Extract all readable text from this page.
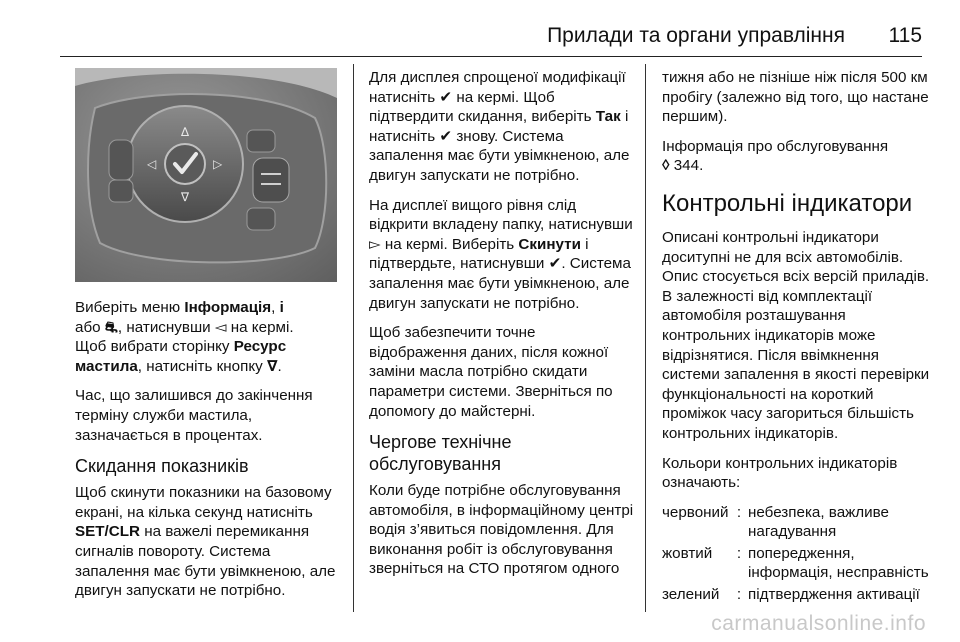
Прилади та органи управління 115
∆
∇
◁	▷

Виберіть меню Інформація, i
або ⛐, натиснувши ◅ на кермі.
Щоб вибрати сторінку Ресурс
мастила, натисніть кнопку ∇.

Час, що залишився до закінчення терміну служби мастила, зазначається в процентах.

Скидання показників

Щоб скинути показники на базовому екрані, на кілька секунд натисніть SET/CLR на важелі перемикання сигналів повороту. Система запалення має бути увімкненою, але двигун запускати не потрібно.

Для дисплея спрощеної модифікації натисніть ✔ на кермі. Щоб підтвердити скидання, виберіть Так і натисніть ✔ знову. Система запалення має бути увімкненою, але двигун запускати не потрібно.

На дисплеї вищого рівня слід відкрити вкладену папку, натиснувши ▻ на кермі. Виберіть Скинути і підтвердьте, натиснувши ✔. Система запалення має бути увімкненою, але двигун запускати не потрібно.

Щоб забезпечити точне відображення даних, після кожної заміни масла потрібно скидати параметри системи. Зверніться по допомогу до майстерні.

Чергове технічне обслуговування

Коли буде потрібне обслуговування автомобіля, в інформаційному центрі водія з’явиться повідомлення. Для виконання робіт із обслуговування зверніться на СТО протягом одного

тижня або не пізніше ніж після 500 км пробігу (залежно від того, що настане першим).

Інформація про обслуговування
◊ 344.

Контрольні індикатори

Описані контрольні індикатори доситупні не для всіх автомобілів. Опис стосується всіх версій приладів. В залежності від комплектації автомобіля розташування контрольних індикаторів може відрізнятися. Після ввімкнення системи запалення в якості перевірки функціональності на короткий проміжок часу загориться більшість контрольних індикаторів.

Кольори контрольних індикаторів означають:

червоний	:	небезпека, важливе нагадування
жовтий	:	попередження, інформація, несправність
зелений	:	підтвердження активації
carmanualsonline.info
